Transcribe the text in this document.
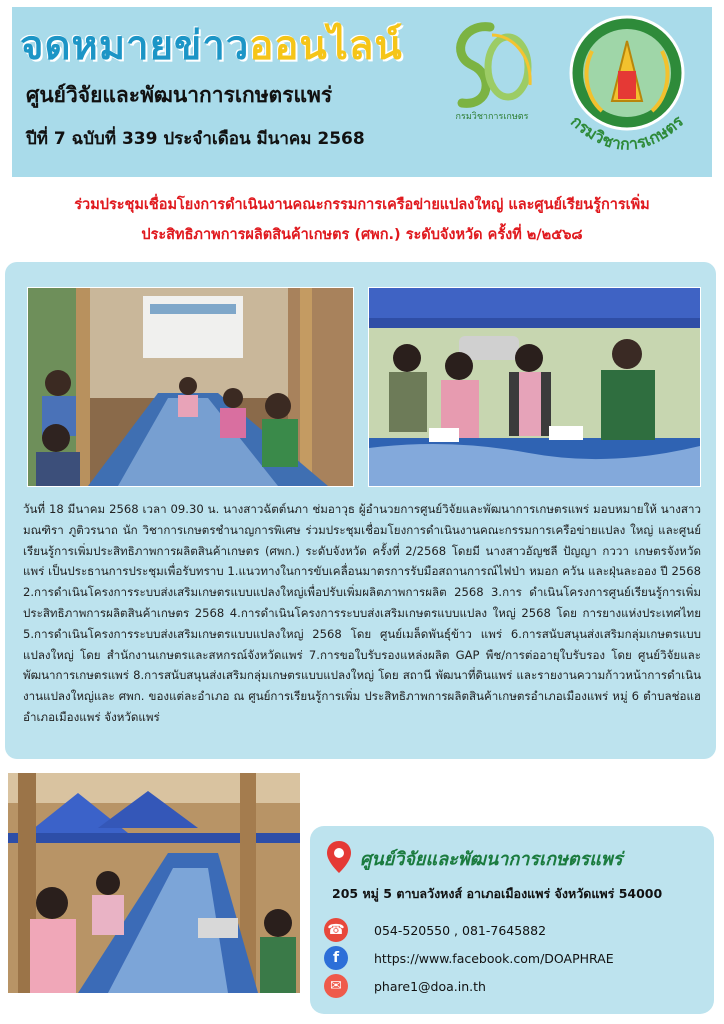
จดหมายข่าวออนไลน์
ศูนย์วิจัยและพัฒนาการเกษตรแพร่
ปีที่ 7 ฉบับที่ 339 ประจำเดือน มีนาคม 2568
กรมวิชาการเกษตร กรมวิชาการเกษตร
ร่วมประชุมเชื่อมโยงการดำเนินงานคณะกรรมการเครือข่ายแปลงใหญ่ และศูนย์เรียนรู้การเพิ่ม
ประสิทธิภาพการผลิตสินค้าเกษตร (ศพก.) ระดับจังหวัด ครั้งที่ ๒/๒๕๖๘
วันที่ 18 มีนาคม 2568 เวลา 09.30 น. นางสาวฉัตต์นภา ช่มอาวุธ ผู้อำนวยการศูนย์วิจัยและพัฒนาการเกษตรแพร่ มอบหมายให้ นางสาวมณฑิรา ภูติวรนาถ นัก วิชาการเกษตรชำนาญการพิเศษ ร่วมประชุมเชื่อมโยงการดำเนินงานคณะกรรมการเครือข่ายแปลง ใหญ่ และศูนย์เรียนรู้การเพิ่มประสิทธิภาพการผลิตสินค้าเกษตร (ศพก.) ระดับจังหวัด ครั้งที่ 2/2568 โดยมี นางสาวอัญชลี ปัญญา กววา เกษตรจังหวัดแพร่ เป็นประธานการประชุมเพื่อรับทราบ 1.แนวทางในการขับเคลื่อนมาตรการรับมือสถานการณ์ไฟป่า หมอก ควัน และฝุ่นละออง ปี 2568 2.การดำเนินโครงการระบบส่งเสริมเกษตรแบบแปลงใหญ่เพื่อปรับเพิ่มผลิตภาพการผลิต 2568 3.การ ดำเนินโครงการศูนย์เรียนรู้การเพิ่มประสิทธิภาพการผลิตสินค้าเกษตร 2568 4.การดำเนินโครงการระบบส่งเสริมเกษตรแบบแปลง ใหญ่ 2568 โดย การยางแห่งประเทศไทย 5.การดำเนินโครงการระบบส่งเสริมเกษตรแบบแปลงใหญ่ 2568 โดย ศูนย์เมล็ดพันธุ์ข้าว แพร่ 6.การสนับสนุนส่งเสริมกลุ่มเกษตรแบบแปลงใหญ่ โดย สำนักงานเกษตรและสหกรณ์จังหวัดแพร่ 7.การขอใบรับรองแหล่งผลิต GAP พืช/การต่ออายุใบรับรอง โดย ศูนย์วิจัยและพัฒนาการเกษตรแพร่ 8.การสนับสนุนส่งเสริมกลุ่มเกษตรแบบแปลงใหญ่ โดย สถานี พัฒนาที่ดินแพร่ และรายงานความก้าวหน้าการดำเนินงานแปลงใหญ่และ ศพก. ของแต่ละอำเภอ ณ ศูนย์การเรียนรู้การเพิ่ม ประสิทธิภาพการผลิตสินค้าเกษตรอำเภอเมืองแพร่ หมู่ 6 ตำบลช่อแฮ อำเภอเมืองแพร่ จังหวัดแพร่
ศูนย์วิจัยและพัฒนาการเกษตรแพร่
205 หมู่ 5 ตาบลวังหงส์ อาเภอเมืองแพร่ จังหวัดแพร่ 54000
☎ 054-520550 , 081-7645882
f	https://www.facebook.com/DOAPHRAE
✉	phare1@doa.in.th
